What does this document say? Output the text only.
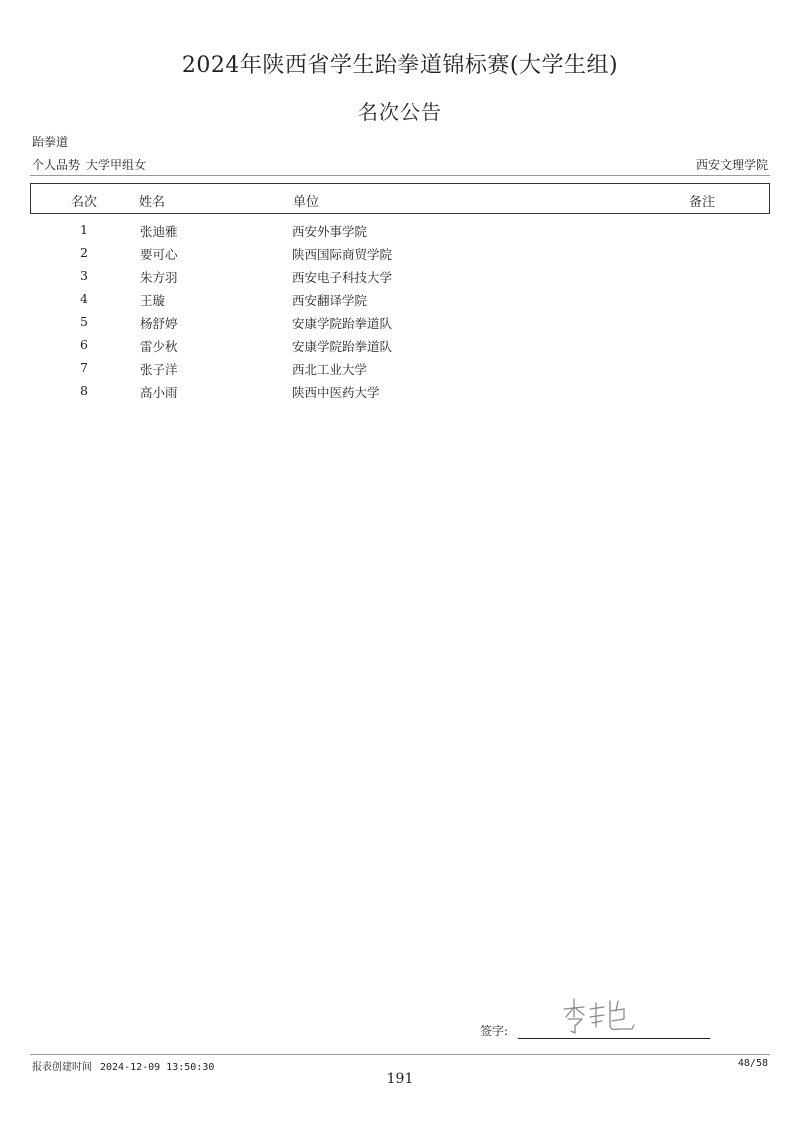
2024年陕西省学生跆拳道锦标赛(大学生组)
名次公告
跆拳道
个人品势 大学甲组女	西安文理学院
名次	姓名	单位	备注
1	张迪雅	西安外事学院
2	要可心	陕西国际商贸学院
3	朱方羽	西安电子科技大学
4	王璇	西安翻译学院
5	杨舒婷	安康学院跆拳道队
6	雷少秋	安康学院跆拳道队
7	张子洋	西北工业大学
8	高小雨	陕西中医药大学
签字:
报表创建时间 2024-12-09 13:50:30	48/58
191
